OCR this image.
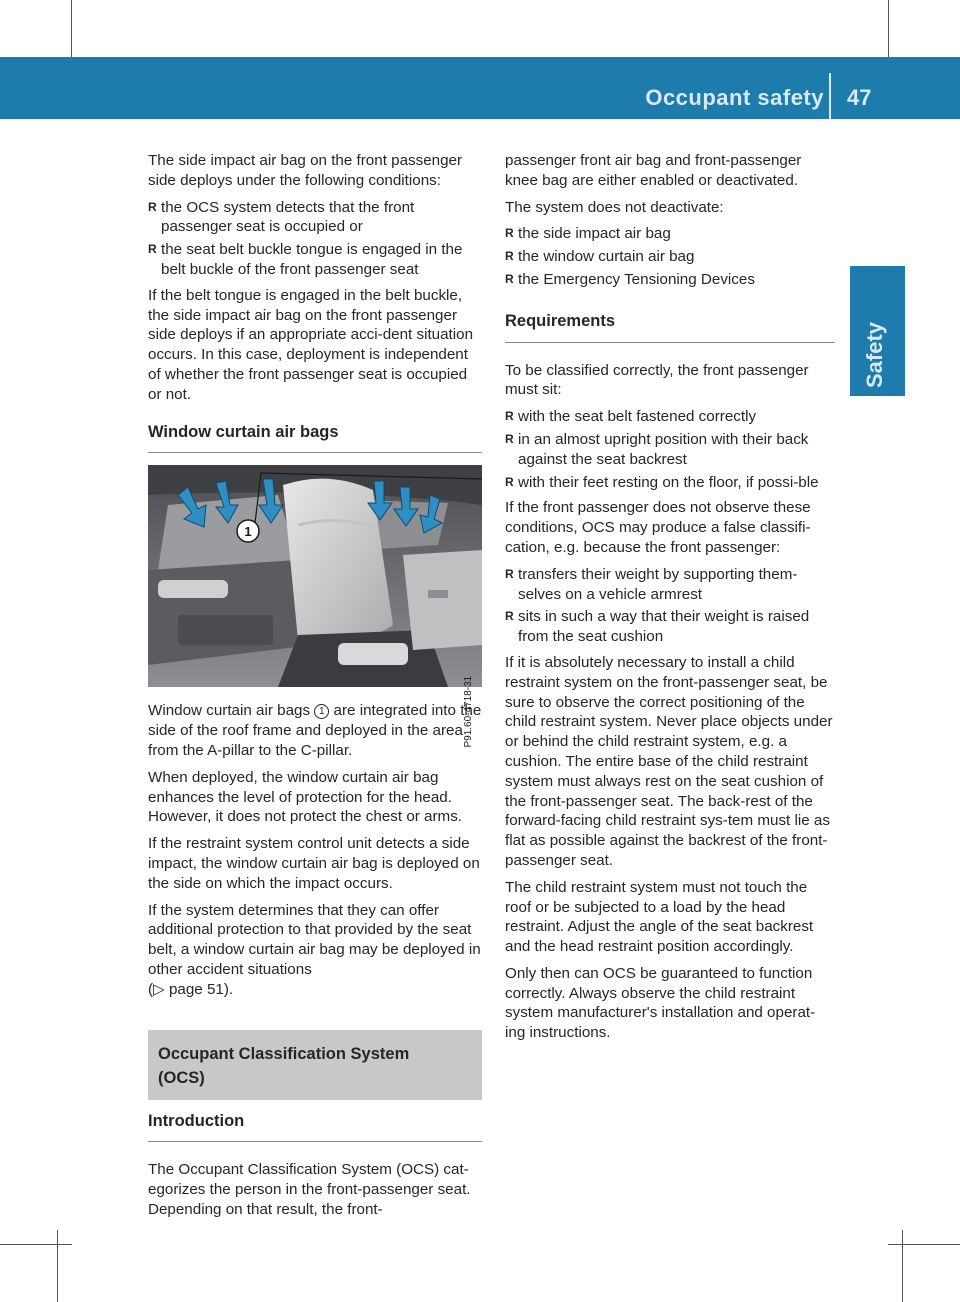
Occupant safety 47
Safety

The side impact air bag on the front passenger side deploys under the following conditions:

R the OCS system detects that the front passenger seat is occupied or
R the seat belt buckle tongue is engaged in the belt buckle of the front passenger seat

If the belt tongue is engaged in the belt buckle, the side impact air bag on the front passenger side deploys if an appropriate acci-dent situation occurs. In this case, deployment is independent of whether the front passenger seat is occupied or not.

Window curtain air bags
1
P91.60-4718-31

Window curtain air bags 1 are integrated into the side of the roof frame and deployed in the area from the A-pillar to the C-pillar.

When deployed, the window curtain air bag enhances the level of protection for the head. However, it does not protect the chest or arms.

If the restraint system control unit detects a side impact, the window curtain air bag is deployed on the side on which the impact occurs.

If the system determines that they can offer additional protection to that provided by the seat belt, a window curtain air bag may be deployed in other accident situations
(▷ page 51).

Occupant Classification System
(OCS)
Introduction

The Occupant Classification System (OCS) cat-egorizes the person in the front-passenger seat. Depending on that result, the front-

passenger front air bag and front-passenger knee bag are either enabled or deactivated.

The system does not deactivate:

R the side impact air bag
R the window curtain air bag
R the Emergency Tensioning Devices
Requirements

To be classified correctly, the front passenger must sit:

R with the seat belt fastened correctly
R in an almost upright position with their back against the seat backrest
R with their feet resting on the floor, if possi-ble

If the front passenger does not observe these conditions, OCS may produce a false classifi-cation, e.g. because the front passenger:

R transfers their weight by supporting them-selves on a vehicle armrest
R sits in such a way that their weight is raised from the seat cushion

If it is absolutely necessary to install a child restraint system on the front-passenger seat, be sure to observe the correct positioning of the child restraint system. Never place objects under or behind the child restraint system, e.g. a cushion. The entire base of the child restraint system must always rest on the seat cushion of the front-passenger seat. The back-rest of the forward-facing child restraint sys-tem must lie as flat as possible against the backrest of the front-passenger seat.

The child restraint system must not touch the roof or be subjected to a load by the head restraint. Adjust the angle of the seat backrest and the head restraint position accordingly.

Only then can OCS be guaranteed to function correctly. Always observe the child restraint system manufacturer's installation and operat-ing instructions.
